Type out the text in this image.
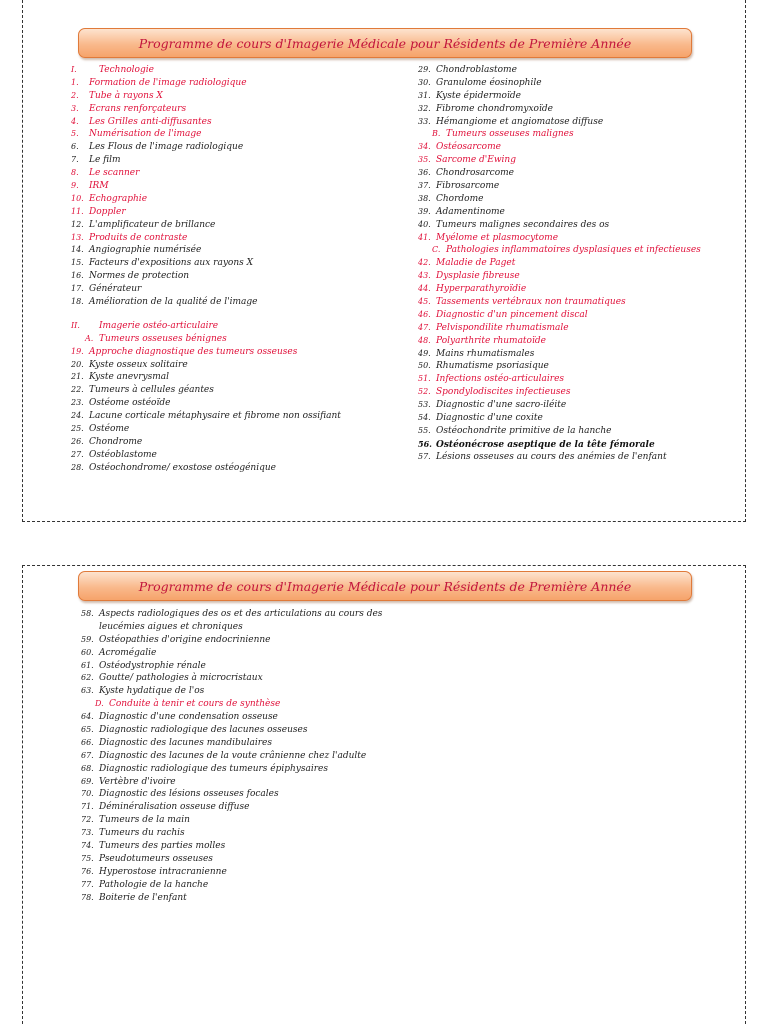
Programme de cours d'Imagerie Médicale pour Résidents de Première Année
I. Technologie
1. Formation de l'image radiologique
2. Tube à rayons X
3. Ecrans renforçateurs
4. Les Grilles anti-diffusantes
5. Numérisation de l'image
6. Les Flous de l'image radiologique
7. Le film
8. Le scanner
9. IRM
10. Echographie
11. Doppler
12. L'amplificateur de brillance
13. Produits de contraste
14. Angiographie numérisée
15. Facteurs d'expositions aux rayons X
16. Normes de protection
17. Générateur
18. Amélioration de la qualité de l'image
II. Imagerie ostéo-articulaire
A. Tumeurs osseuses bénignes
19. Approche diagnostique des tumeurs osseuses
20. Kyste osseux solitaire
21. Kyste anevrysmal
22. Tumeurs à cellules géantes
23. Ostéome ostéoïde
24. Lacune corticale métaphysaire et fibrome non ossifiant
25. Ostéome
26. Chondrome
27. Ostéoblastome
28. Ostéochondrome/ exostose ostéogénique
29. Chondroblastome
30. Granulome éosinophile
31. Kyste épidermoïde
32. Fibrome chondromyxoïde
33. Hémangiome et angiomatose diffuse
B. Tumeurs osseuses malignes
34. Ostéosarcome
35. Sarcome d'Ewing
36. Chondrosarcome
37. Fibrosarcome
38. Chordome
39. Adamentinome
40. Tumeurs malignes secondaires des os
41. Myélome et plasmocytome
C. Pathologies inflammatoires dysplasiques et infectieuses
42. Maladie de Paget
43. Dysplasie fibreuse
44. Hyperparathyroïdie
45. Tassements vertébraux non traumatiques
46. Diagnostic d'un pincement discal
47. Pelvispondilite rhumatismale
48. Polyarthrite rhumatoïde
49. Mains rhumatismales
50. Rhumatisme psoriasique
51. Infections ostéo-articulaires
52. Spondylodiscites infectieuses
53. Diagnostic d'une sacro-iléite
54. Diagnostic d'une coxite
55. Ostéochondrite primitive de la hanche
56. Ostéonécrose aseptique de la tête fémorale
57. Lésions osseuses au cours des anémies de l'enfant
Programme de cours d'Imagerie Médicale pour Résidents de Première Année
58. Aspects radiologiques des os et des articulations au cours des
leucémies aigues et chroniques
59. Ostéopathies d'origine endocrinienne
60. Acromégalie
61. Ostéodystrophie rénale
62. Goutte/ pathologies à microcristaux
63. Kyste hydatique de l'os
D. Conduite à tenir et cours de synthèse
64. Diagnostic d'une condensation osseuse
65. Diagnostic radiologique des lacunes osseuses
66. Diagnostic des lacunes mandibulaires
67. Diagnostic des lacunes de la voute crânienne chez l'adulte
68. Diagnostic radiologique des tumeurs épiphysaires
69. Vertèbre d'ivoire
70. Diagnostic des lésions osseuses focales
71. Déminéralisation osseuse diffuse
72. Tumeurs de la main
73. Tumeurs du rachis
74. Tumeurs des parties molles
75. Pseudotumeurs osseuses
76. Hyperostose intracranienne
77. Pathologie de la hanche
78. Boiterie de l'enfant
